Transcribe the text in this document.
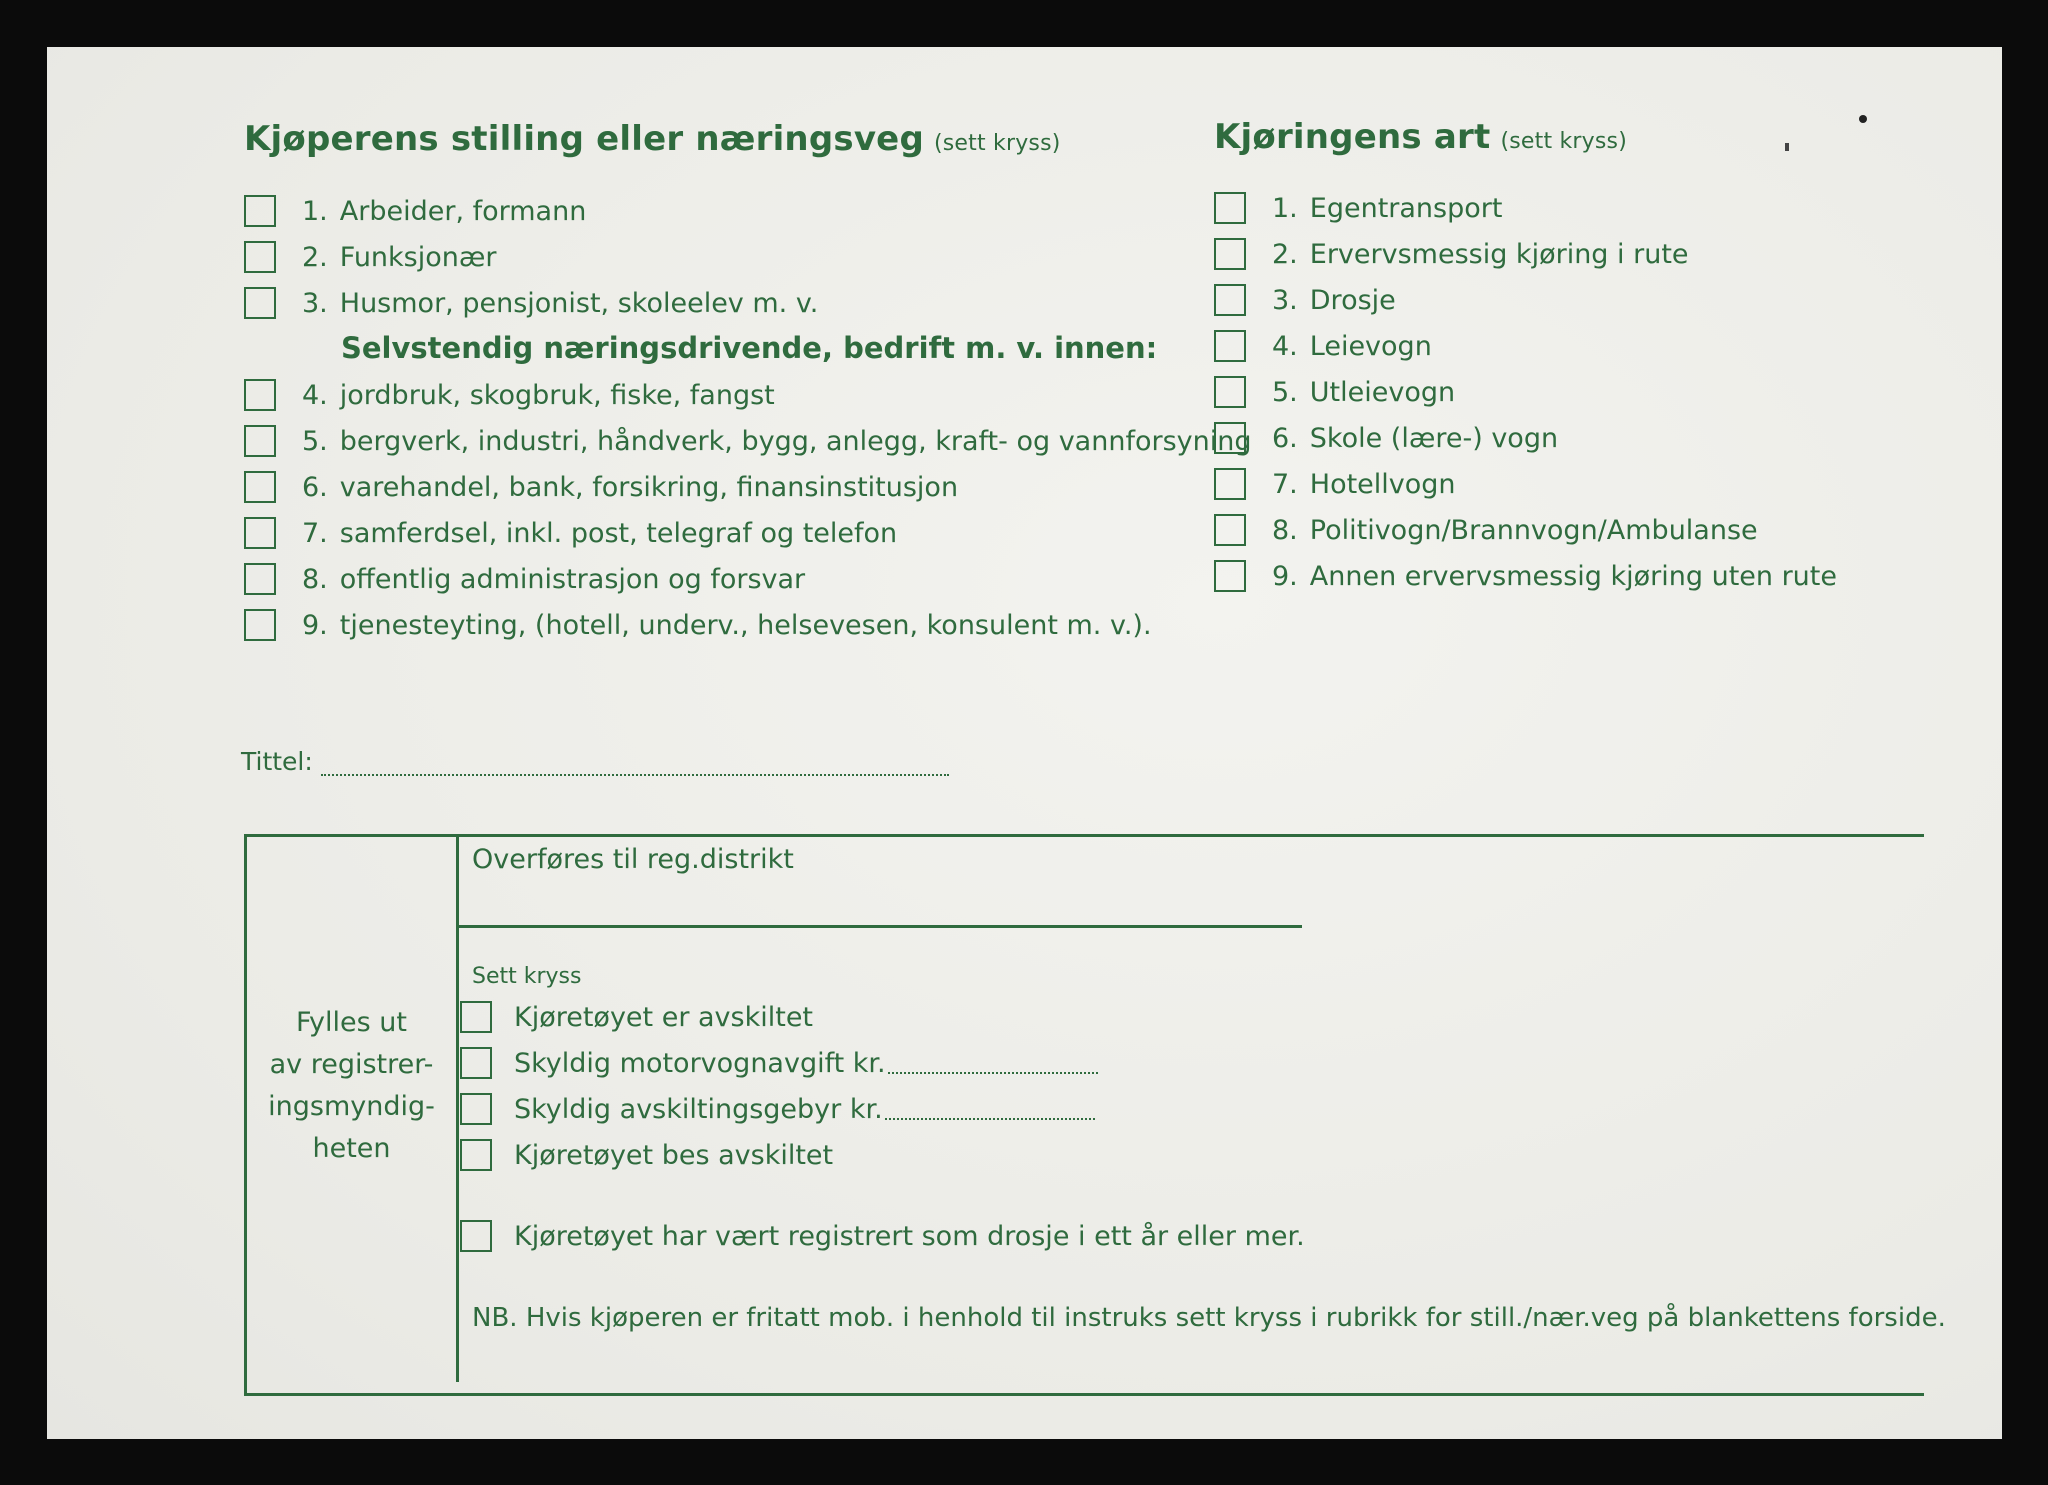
Kjøperens stilling eller næringsveg (sett kryss)
1. Arbeider, formann
2. Funksjonær
3. Husmor, pensjonist, skoleelev m. v.
Selvstendig næringsdrivende, bedrift m. v. innen:
4. jordbruk, skogbruk, fiske, fangst
5. bergverk, industri, håndverk, bygg, anlegg, kraft- og vannforsyning
6. varehandel, bank, forsikring, finansinstitusjon
7. samferdsel, inkl. post, telegraf og telefon
8. offentlig administrasjon og forsvar
9. tjenesteyting, (hotell, underv., helsevesen, konsulent m. v.).
Kjøringens art (sett kryss)
1. Egentransport
2. Ervervsmessig kjøring i rute
3. Drosje
4. Leievogn
5. Utleievogn
6. Skole (lære-) vogn
7. Hotellvogn
8. Politivogn/Brannvogn/Ambulanse
9. Annen ervervsmessig kjøring uten rute
Tittel:
Fylles ut
av registrer-
ingsmyndig-
heten
Overføres til reg.distrikt
Sett kryss
Kjøretøyet er avskiltet
Skyldig motorvognavgift kr.
Skyldig avskiltingsgebyr kr.
Kjøretøyet bes avskiltet
Kjøretøyet har vært registrert som drosje i ett år eller mer.
NB. Hvis kjøperen er fritatt mob. i henhold til instruks sett kryss i rubrikk for still./nær.veg på blankettens forside.
